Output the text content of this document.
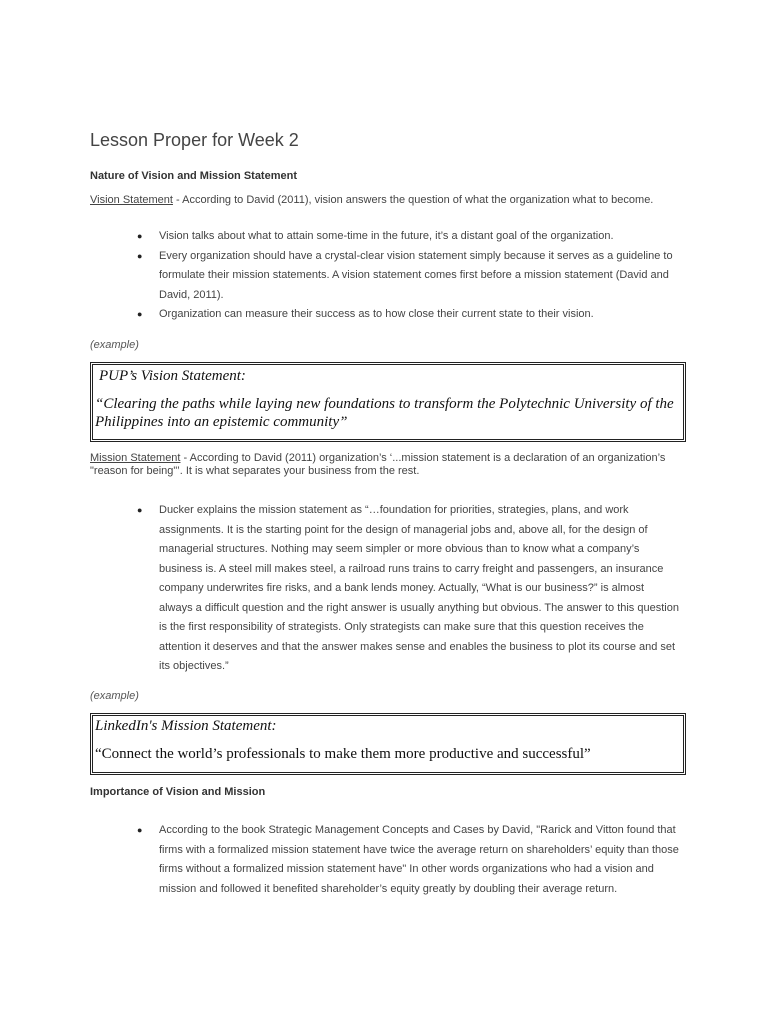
Lesson Proper for Week 2
Nature of Vision and Mission Statement
Vision Statement - According to David (2011), vision answers the question of what the organization what to become.
● Vision talks about what to attain some-time in the future, it’s a distant goal of the organization.
● Every organization should have a crystal-clear vision statement simply because it serves as a guideline to formulate their mission statements. A vision statement comes first before a mission statement (David and David, 2011).
● Organization can measure their success as to how close their current state to their vision.
(example)
PUP’s Vision Statement:
“Clearing the paths while laying new foundations to transform the Polytechnic University of the Philippines into an epistemic community”
Mission Statement - According to David (2011) organization’s ‘...mission statement is a declaration of an organization’s "reason for being"’. It is what separates your business from the rest.
● Ducker explains the mission statement as “…foundation for priorities, strategies, plans, and work assignments. It is the starting point for the design of managerial jobs and, above all, for the design of managerial structures. Nothing may seem simpler or more obvious than to know what a company’s business is. A steel mill makes steel, a railroad runs trains to carry freight and passengers, an insurance company underwrites fire risks, and a bank lends money. Actually, “What is our business?” is almost always a difficult question and the right answer is usually anything but obvious. The answer to this question is the first responsibility of strategists. Only strategists can make sure that this question receives the attention it deserves and that the answer makes sense and enables the business to plot its course and set its objectives.”
(example)
LinkedIn's Mission Statement:
“Connect the world’s professionals to make them more productive and successful”
Importance of Vision and Mission
● According to the book Strategic Management Concepts and Cases by David, "Rarick and Vitton found that firms with a formalized mission statement have twice the average return on shareholders’ equity than those firms without a formalized mission statement have" In other words organizations who had a vision and mission and followed it benefited shareholder’s equity greatly by doubling their average return.
